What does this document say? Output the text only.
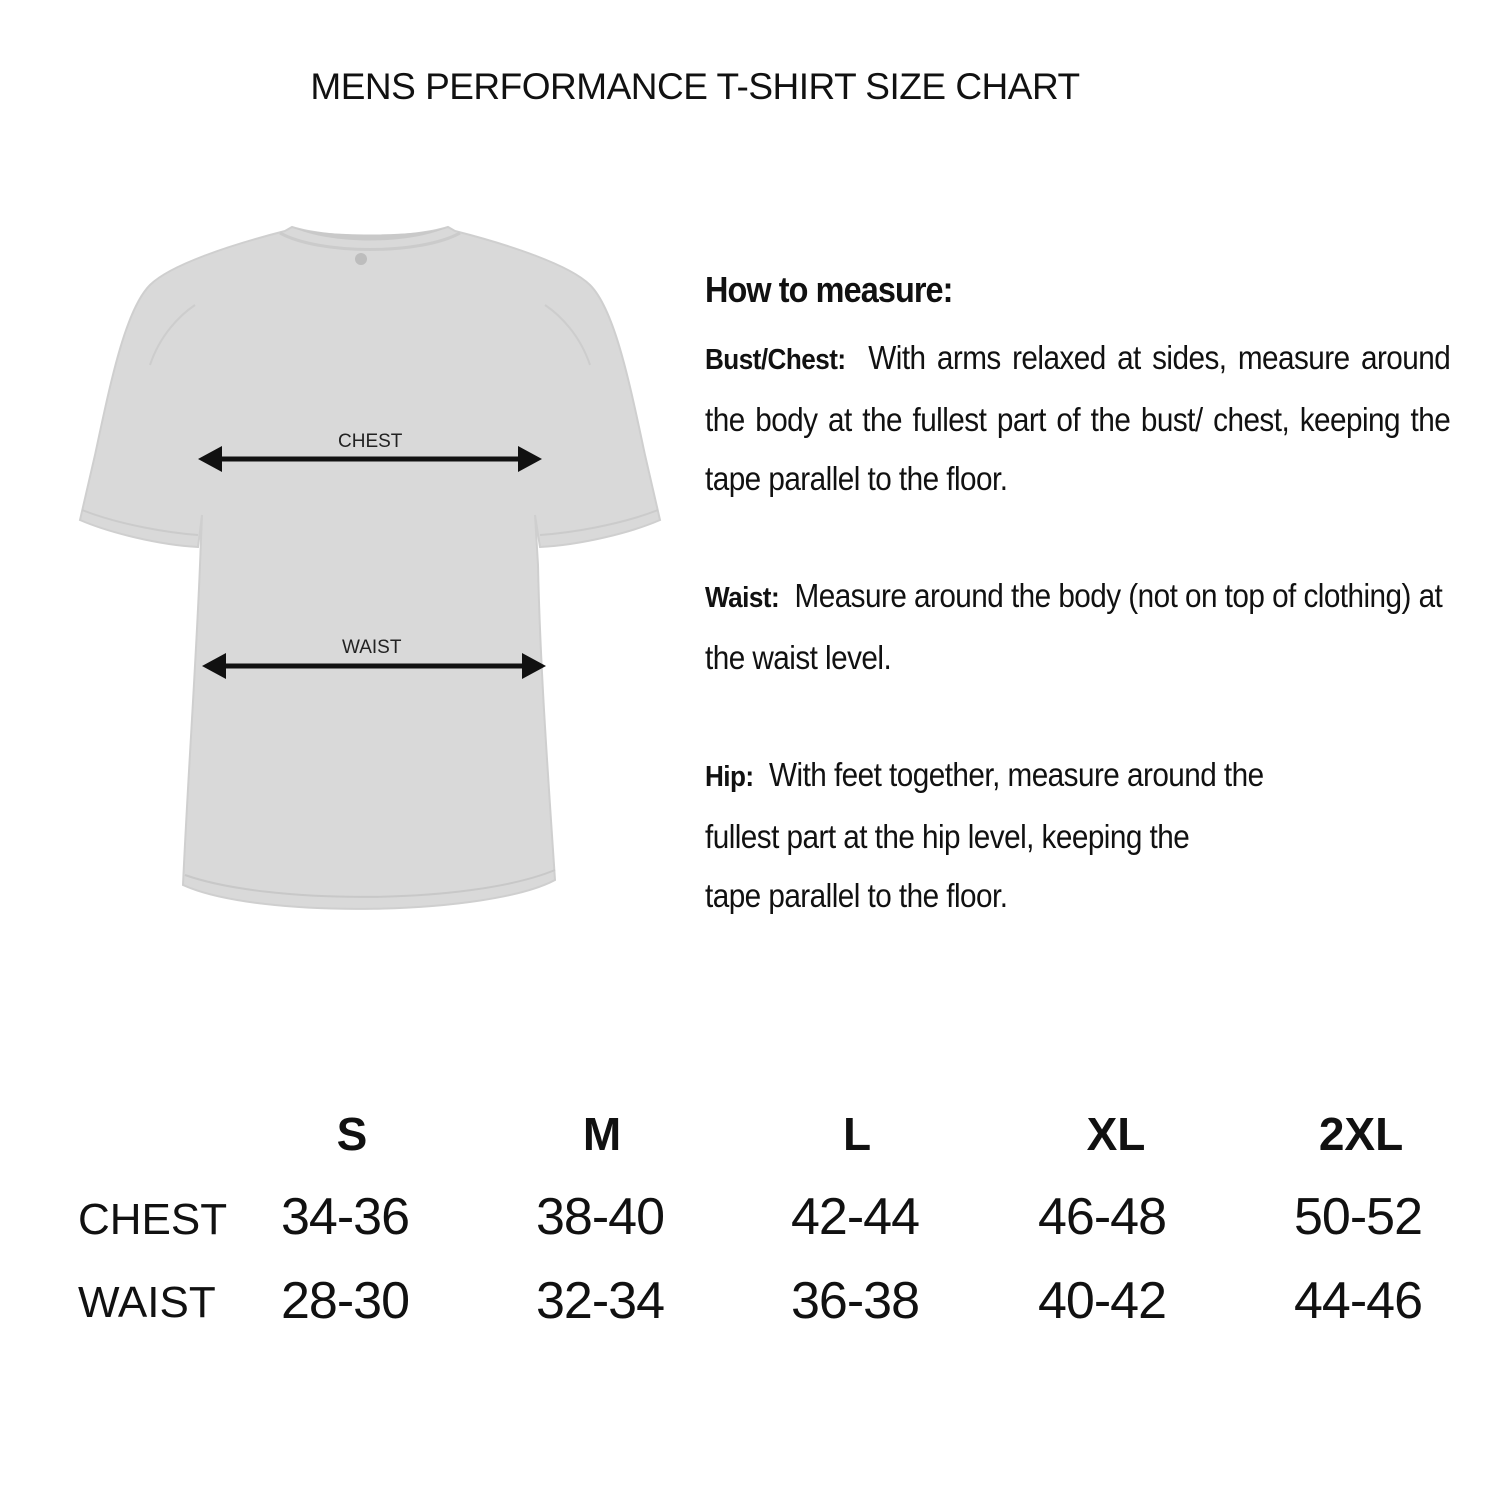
MENS PERFORMANCE T-SHIRT SIZE CHART
CHEST
WAIST
How to measure:

Bust/Chest: With arms relaxed at sides, measure around the body at the fullest part of the bust/ chest, keeping the tape parallel to the floor.

Waist: Measure around the body (not on top of clothing) at the waist level.

Hip: With feet together, measure around the
fullest part at the hip level, keeping the
tape parallel to the floor.

S	M	L	XL	2XL
CHEST 34-36 38-40 42-44 46-48 50-52
WAIST 28-30 32-34 36-38 40-42 44-46
